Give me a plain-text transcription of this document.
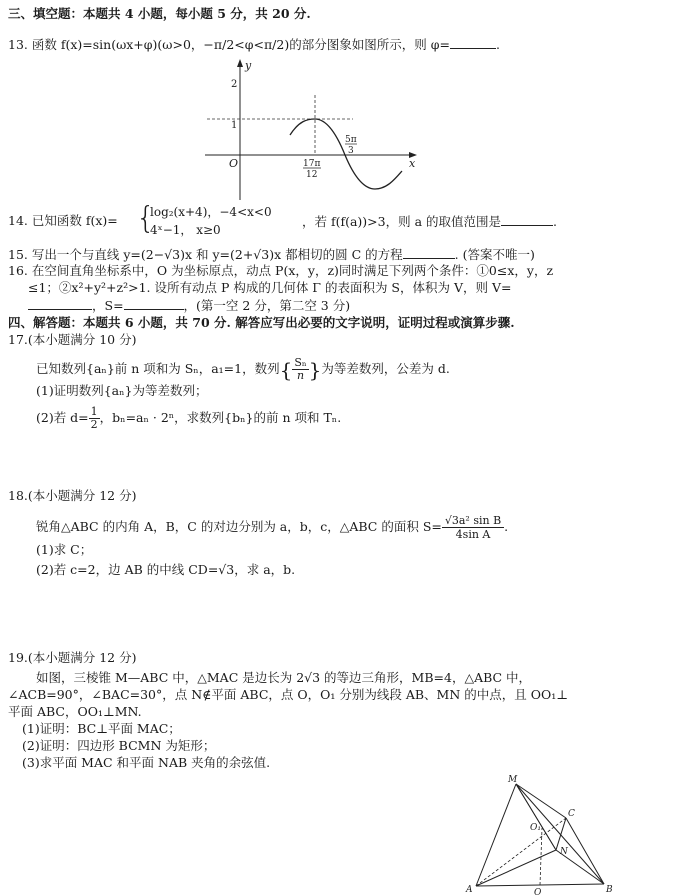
三、填空题：本题共 4 小题，每小题 5 分，共 20 分.
13. 函数 f(x)=sin(ωx+φ)(ω>0，−π/2<φ<π/2)的部分图象如图所示，则 φ=	.
y
x
O
2
1
17π
12
5π
3
14. 已知函数 f(x)= {
log₂(x+4)，−4<x<0
4ˣ−1， x≥0
，若 f(f(a))>3，则 a 的取值范围是	.
15. 写出一个与直线 y=(2−√3)x 和 y=(2+√3)x 都相切的圆 C 的方程	. (答案不唯一)
16. 在空间直角坐标系中，O 为坐标原点，动点 P(x，y，z)同时满足下列两个条件：①0≤x，y，z
≤1；②x²+y²+z²>1. 设所有动点 P 构成的几何体 Γ 的表面积为 S，体积为 V，则 V=
，S=	，(第一空 2 分，第二空 3 分)
四、解答题：本题共 6 小题，共 70 分. 解答应写出必要的文字说明，证明过程或演算步骤.
17.(本小题满分 10 分)
已知数列{aₙ}前 n 项和为 Sₙ，a₁=1，数列{ $\frac{\text{Sₙ}}{n}$ }为等差数列，公差为 d.
(1)证明数列{aₙ}为等差数列；
(2)若 $d= \frac{1}{2}$ ，bₙ=aₙ · 2ⁿ，求数列{bₙ}的前 n 项和 Tₙ.
18.(本小题满分 12 分)
锐角△ABC 的内角 A，B，C 的对边分别为 a，b，c，△ABC 的面积 $S= \frac{\text{√3a² sin B}}{\text{4sin A}}$ .
(1)求 C；
(2)若 c=2，边 AB 的中线 CD=√3，求 a，b.
19.(本小题满分 12 分)
如图，三棱锥 M—ABC 中，△MAC 是边长为 2√3 的等边三角形，MB=4，△ABC 中，
∠ACB=90°，∠BAC=30°，点 N∉平面 ABC，点 O，O₁ 分别为线段 AB、MN 的中点，且 OO₁⊥
平面 ABC，OO₁⊥MN.
(1)证明：BC⊥平面 MAC；
(2)证明：四边形 BCMN 为矩形；
(3)求平面 MAC 和平面 NAB 夹角的余弦值.
M
A	B
C
N
O
O₁
